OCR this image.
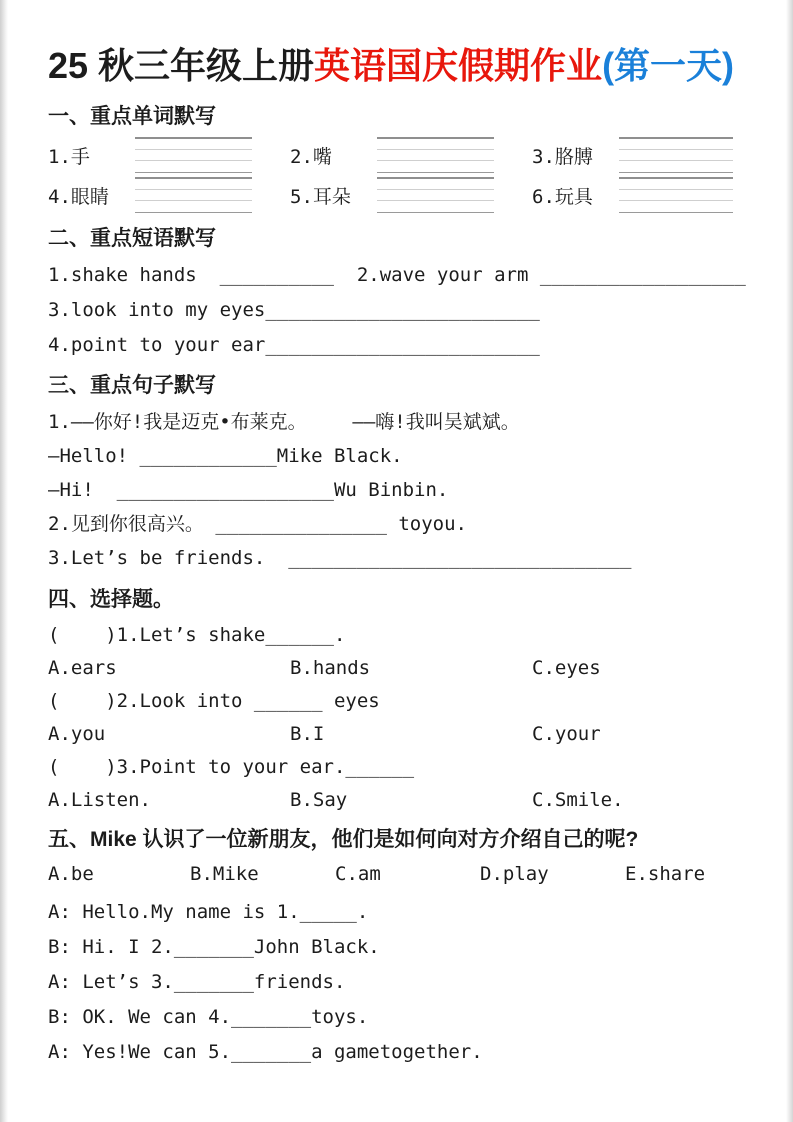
25 秋三年级上册英语国庆假期作业(第一天)
一、重点单词默写
1.手	2.嘴	3.胳膊
4.眼睛	5.耳朵	6.玩具
二、重点短语默写
1.shake hands  __________  2.wave your arm __________________
3.look into my eyes________________________
4.point to your ear________________________
三、重点句子默写
1.——你好!我是迈克•布莱克。    ——嗨!我叫吴斌斌。
—Hello! ____________Mike Black.
—Hi!  ___________________Wu Binbin.
2.见到你很高兴。 _______________ toyou.
3.Let’s be friends.  ______________________________
四、选择题。
(    )1.Let’s shake______.
A.ears	B.hands	C.eyes
(    )2.Look into ______ eyes
A.you	B.I	C.your
(    )3.Point to your ear.______
A.Listen.	B.Say	C.Smile.
五、Mike 认识了一位新朋友，他们是如何向对方介绍自己的呢?
A.be	B.Mike	C.am	D.play	E.share
A: Hello.My name is 1._____.
B: Hi. I 2._______John Black.
A: Let’s 3._______friends.
B: OK. We can 4._______toys.
A: Yes!We can 5._______a gametogether.
